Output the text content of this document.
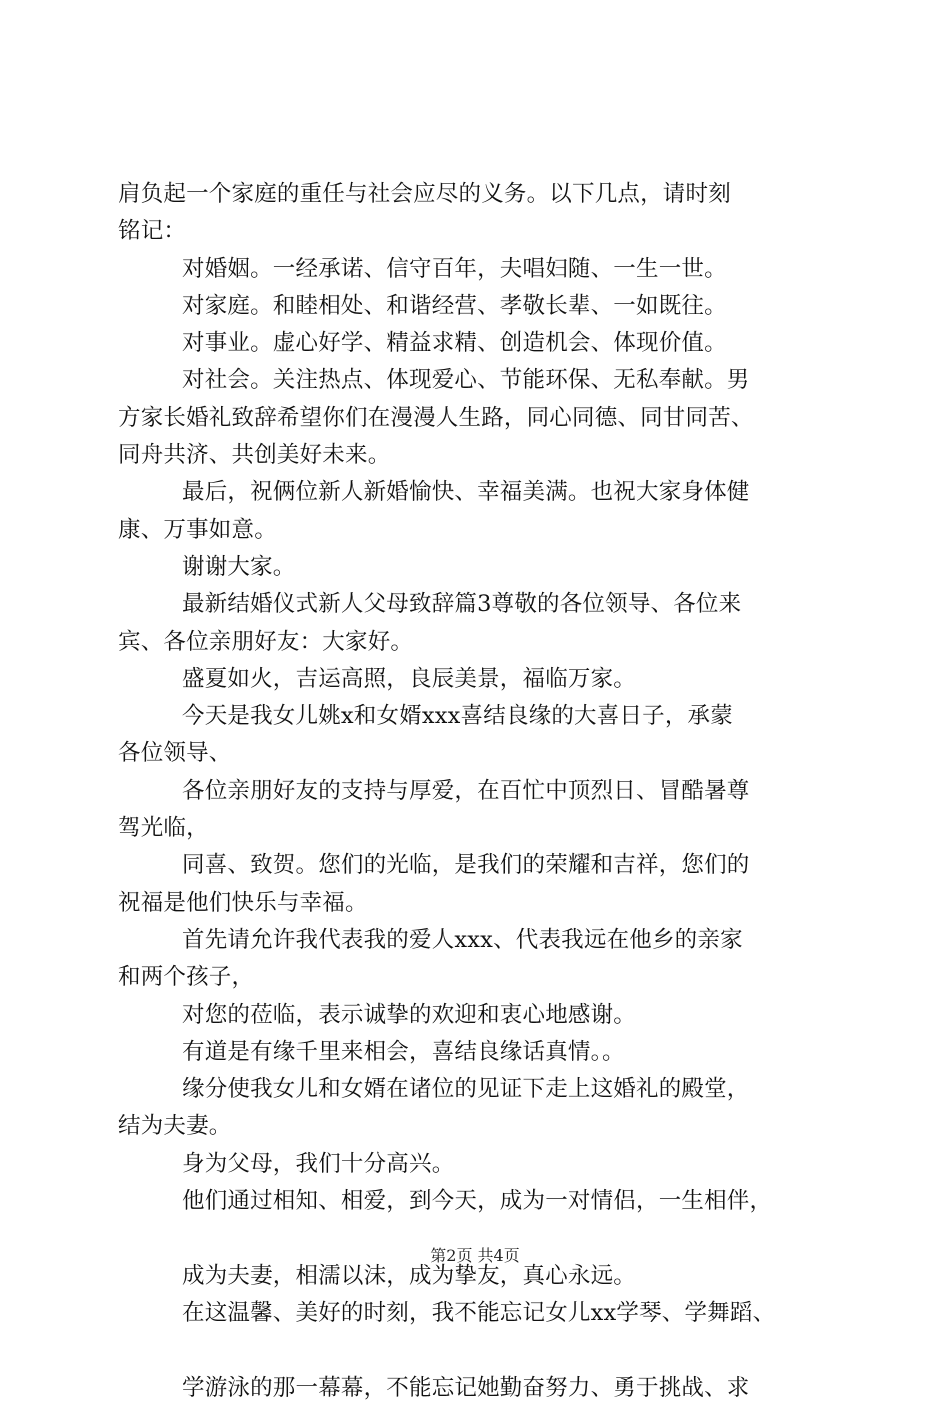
肩负起一个家庭的重任与社会应尽的义务。以下几点，请时刻
铭记：
对婚姻。一经承诺、信守百年，夫唱妇随、一生一世。
对家庭。和睦相处、和谐经营、孝敬长辈、一如既往。
对事业。虚心好学、精益求精、创造机会、体现价值。
对社会。关注热点、体现爱心、节能环保、无私奉献。男
方家长婚礼致辞希望你们在漫漫人生路，同心同德、同甘同苦、
同舟共济、共创美好未来。
最后，祝俩位新人新婚愉快、幸福美满。也祝大家身体健
康、万事如意。
谢谢大家。
最新结婚仪式新人父母致辞篇3尊敬的各位领导、各位来
宾、各位亲朋好友：大家好。
盛夏如火，吉运高照，良辰美景，福临万家。
今天是我女儿姚x和女婿xxx喜结良缘的大喜日子，承蒙
各位领导、
各位亲朋好友的支持与厚爱，在百忙中顶烈日、冒酷暑尊
驾光临，
同喜、致贺。您们的光临，是我们的荣耀和吉祥，您们的
祝福是他们快乐与幸福。
首先请允许我代表我的爱人xxx、代表我远在他乡的亲家
和两个孩子，
对您的莅临，表示诚挚的欢迎和衷心地感谢。
有道是有缘千里来相会，喜结良缘话真情。。
缘分使我女儿和女婿在诸位的见证下走上这婚礼的殿堂，
结为夫妻。
身为父母，我们十分高兴。
他们通过相知、相爱，到今天，成为一对情侣，一生相伴，
成为夫妻，相濡以沫，成为挚友，真心永远。
在这温馨、美好的时刻，我不能忘记女儿xx学琴、学舞蹈、
学游泳的那一幕幕，不能忘记她勤奋努力、勇于挑战、求
第2页 共4页
